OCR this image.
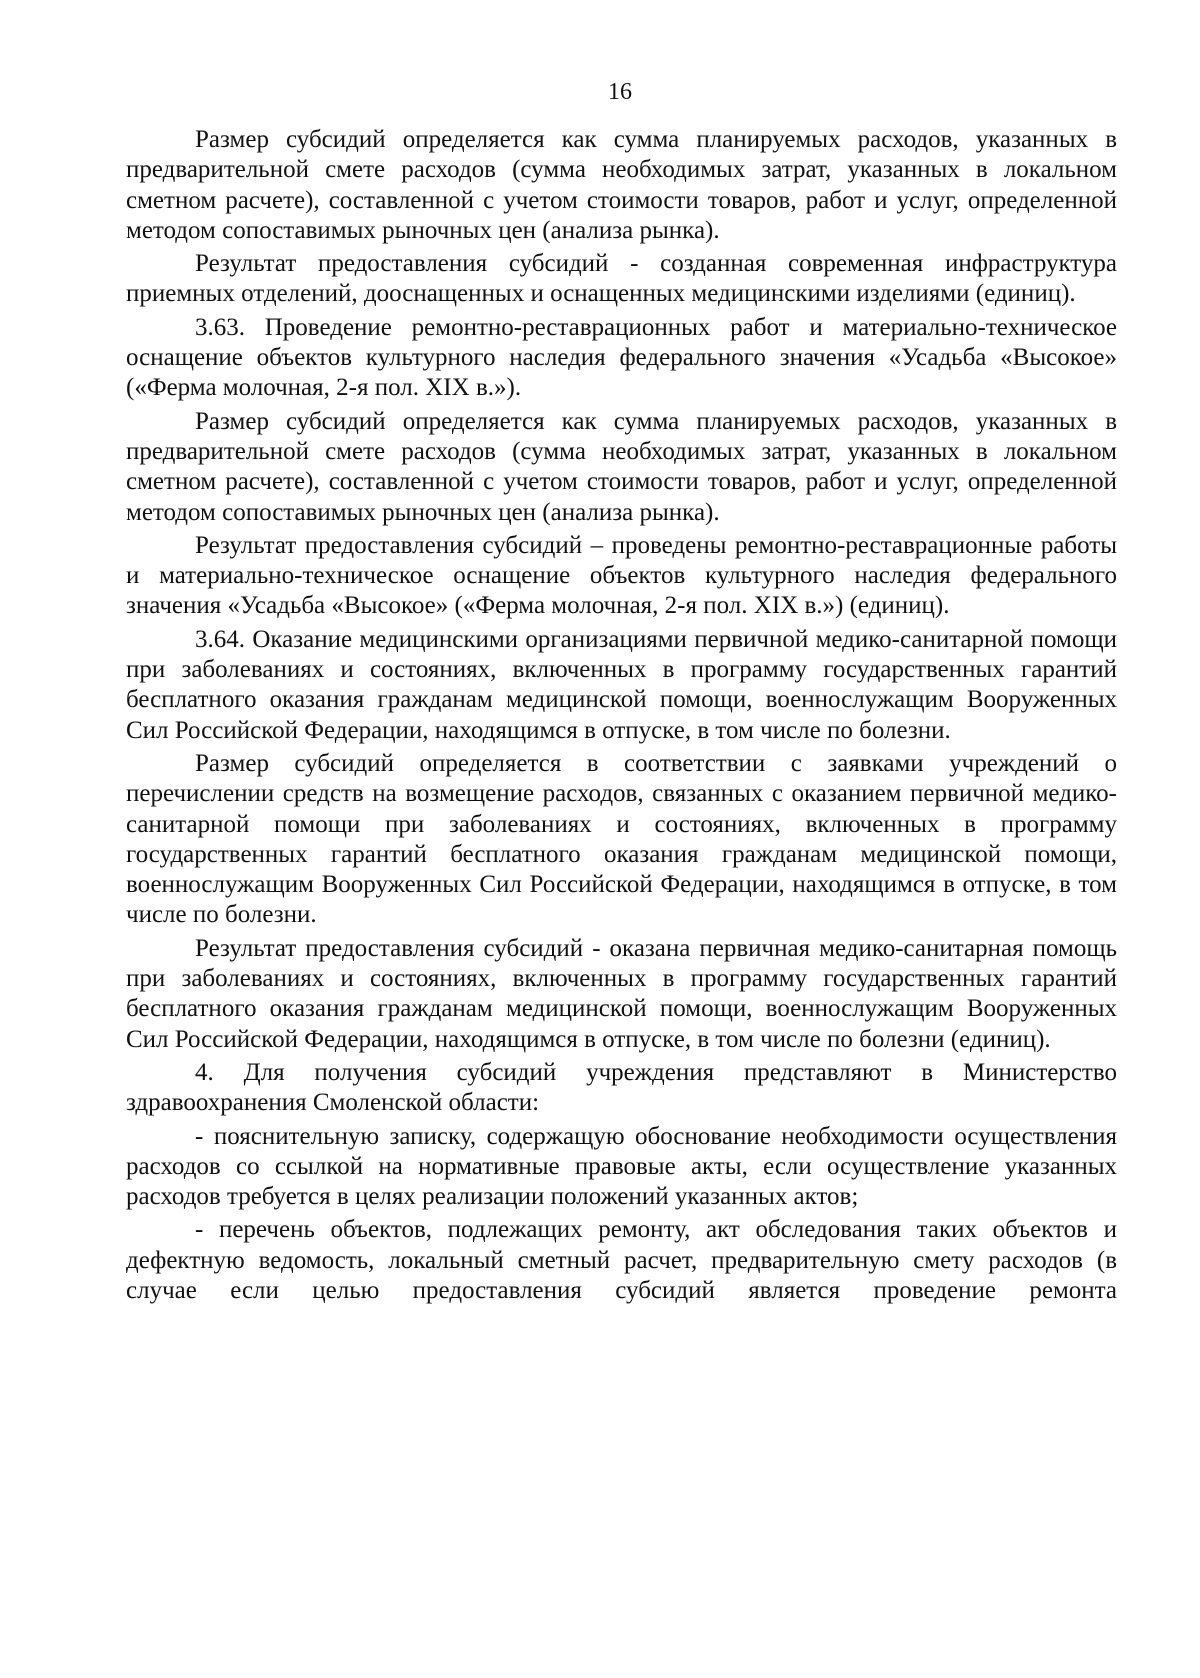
16

Размер субсидий определяется как сумма планируемых расходов, указанных в предварительной смете расходов (сумма необходимых затрат, указанных в локальном сметном расчете), составленной с учетом стоимости товаров, работ и услуг, определенной методом сопоставимых рыночных цен (анализа рынка).

Результат предоставления субсидий - созданная современная инфраструктура приемных отделений, дооснащенных и оснащенных медицинскими изделиями (единиц).

3.63. Проведение ремонтно-реставрационных работ и материально-техническое оснащение объектов культурного наследия федерального значения «Усадьба «Высокое» («Ферма молочная, 2-я пол. XIX в.»).

Размер субсидий определяется как сумма планируемых расходов, указанных в предварительной смете расходов (сумма необходимых затрат, указанных в локальном сметном расчете), составленной с учетом стоимости товаров, работ и услуг, определенной методом сопоставимых рыночных цен (анализа рынка).

Результат предоставления субсидий – проведены ремонтно-реставрационные работы и материально-техническое оснащение объектов культурного наследия федерального значения «Усадьба «Высокое» («Ферма молочная, 2-я пол. XIX в.») (единиц).

3.64. Оказание медицинскими организациями первичной медико-санитарной помощи при заболеваниях и состояниях, включенных в программу государственных гарантий бесплатного оказания гражданам медицинской помощи, военнослужащим Вооруженных Сил Российской Федерации, находящимся в отпуске, в том числе по болезни.

Размер субсидий определяется в соответствии с заявками учреждений о перечислении средств на возмещение расходов, связанных с оказанием первичной медико-санитарной помощи при заболеваниях и состояниях, включенных в программу государственных гарантий бесплатного оказания гражданам медицинской помощи, военнослужащим Вооруженных Сил Российской Федерации, находящимся в отпуске, в том числе по болезни.

Результат предоставления субсидий - оказана первичная медико-санитарная помощь при заболеваниях и состояниях, включенных в программу государственных гарантий бесплатного оказания гражданам медицинской помощи, военнослужащим Вооруженных Сил Российской Федерации, находящимся в отпуске, в том числе по болезни (единиц).

4. Для получения субсидий учреждения представляют в Министерство здравоохранения Смоленской области:

- пояснительную записку, содержащую обоснование необходимости осуществления расходов со ссылкой на нормативные правовые акты, если осуществление указанных расходов требуется в целях реализации положений указанных актов;

- перечень объектов, подлежащих ремонту, акт обследования таких объектов и дефектную ведомость, локальный сметный расчет, предварительную смету расходов (в случае если целью предоставления субсидий является проведение ремонта
